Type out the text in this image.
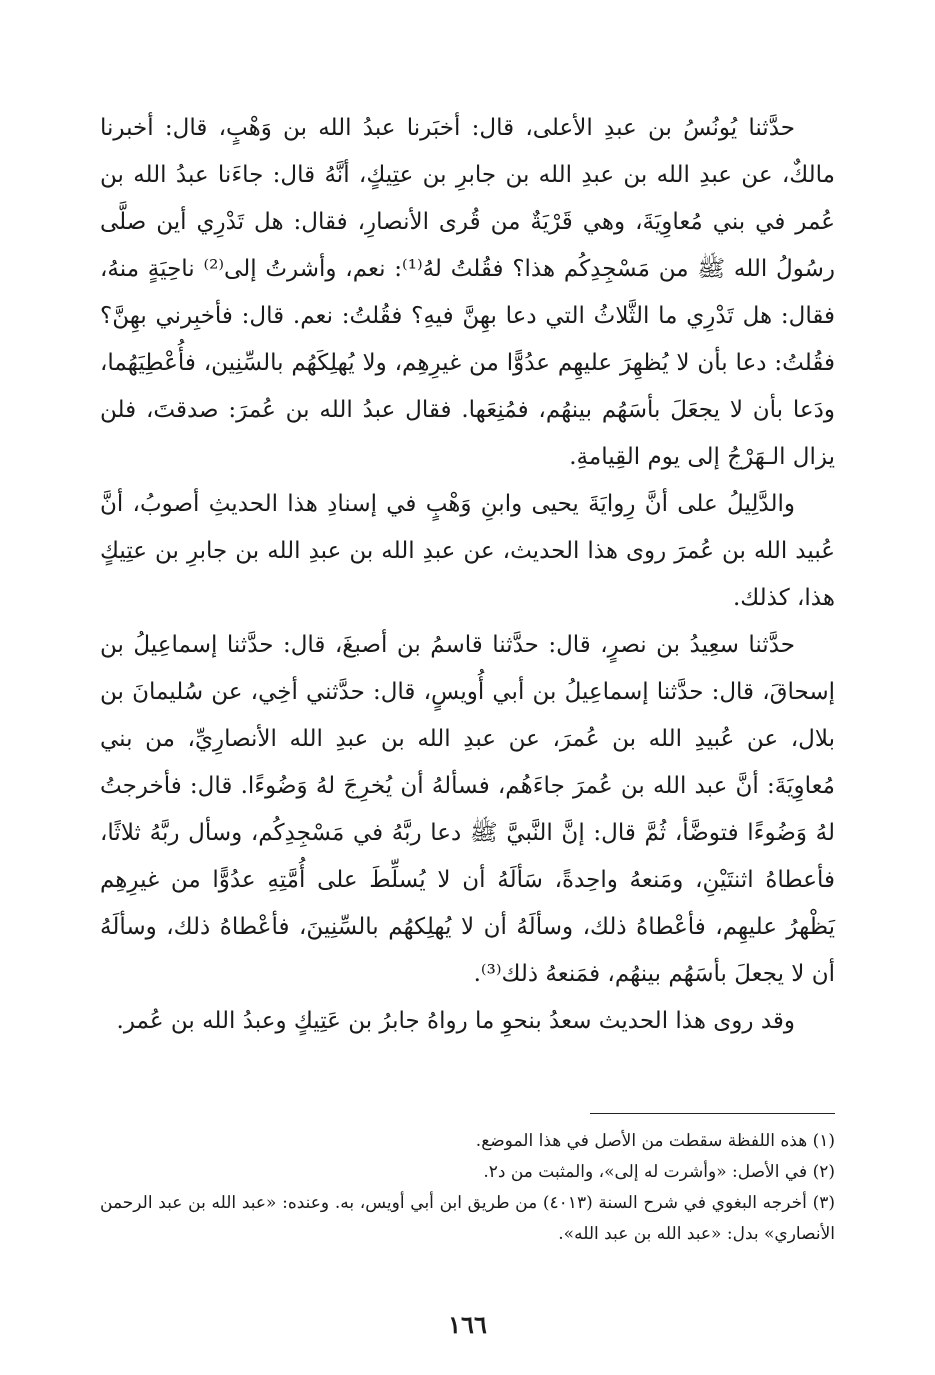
حدَّثنا يُونُسُ بن عبدِ الأعلى، قال: أخبَرنا عبدُ الله بن وَهْبٍ، قال: أخبرنا مالكٌ، عن عبدِ الله بن عبدِ الله بن جابرِ بن عتِيكٍ، أنَّهُ قال: جاءَنا عبدُ الله بن عُمر في بني مُعاوِيَةَ، وهي قَرْيَةٌ من قُرى الأنصارِ، فقال: هل تَدْرِي أين صلَّى رسُولُ الله ﷺ من مَسْجِدِكُم هذا؟ فقُلتُ لهُ⁽¹⁾: نعم، وأشرتُ إلى⁽²⁾ ناحِيَةٍ منهُ، فقال: هل تَدْرِي ما الثَّلاثُ التي دعا بهِنَّ فيهِ؟ فقُلتُ: نعم. قال: فأخبِرني بهِنَّ؟ فقُلتُ: دعا بأن لا يُظهِرَ عليهِم عدُوًّا من غيرِهِم، ولا يُهلِكَهُم بالسِّنِين، فأُعْطِيَهُما، ودَعا بأن لا يجعَلَ بأسَهُم بينهُم، فمُنِعَها. فقال عبدُ الله بن عُمرَ: صدقتَ، فلن يزال الـهَرْجُ إلى يوم القِيامةِ.

والدَّلِيلُ على أنَّ رِوايَةَ يحيى وابنِ وَهْبٍ في إسنادِ هذا الحديثِ أصوبُ، أنَّ عُبيد الله بن عُمرَ روى هذا الحديث، عن عبدِ الله بن عبدِ الله بن جابرِ بن عتِيكٍ هذا، كذلك.

حدَّثنا سعِيدُ بن نصرٍ، قال: حدَّثنا قاسمُ بن أصبغَ، قال: حدَّثنا إسماعِيلُ بن إسحاقَ، قال: حدَّثنا إسماعِيلُ بن أبي أُويسٍ، قال: حدَّثني أخِي، عن سُليمانَ بن بلال، عن عُبيدِ الله بن عُمرَ، عن عبدِ الله بن عبدِ الله الأنصارِيِّ، من بني مُعاوِيَةَ: أنَّ عبد الله بن عُمرَ جاءَهُم، فسألهُ أن يُخرِجَ لهُ وَضُوءًا. قال: فأخرجتُ لهُ وَضُوءًا فتوضَّأ، ثُمَّ قال: إنَّ النَّبيَّ ﷺ دعا ربَّهُ في مَسْجِدِكُم، وسأل ربَّهُ ثلاثًا، فأعطاهُ اثنتَيْنِ، ومَنعهُ واحِدةً، سَألَهُ أن لا يُسلِّطَ على أُمَّتِهِ عدُوًّا من غيرِهِم يَظْهرُ عليهِم، فأعْطاهُ ذلك، وسألَهُ أن لا يُهلِكهُم بالسِّنِينَ، فأعْطاهُ ذلك، وسألَهُ أن لا يجعلَ بأسَهُم بينهُم، فمَنعهُ ذلك⁽³⁾.

وقد روى هذا الحديث سعدُ بنحوِ ما رواهُ جابرُ بن عَتِيكٍ وعبدُ الله بن عُمر.

(١) هذه اللفظة سقطت من الأصل في هذا الموضع.

(٢) في الأصل: «وأشرت له إلى»، والمثبت من د٢.

(٣) أخرجه البغوي في شرح السنة (٤٠١٣) من طريق ابن أبي أويس، به. وعنده: «عبد الله بن عبد الرحمن الأنصاري» بدل: «عبد الله بن عبد الله».

١٦٦
